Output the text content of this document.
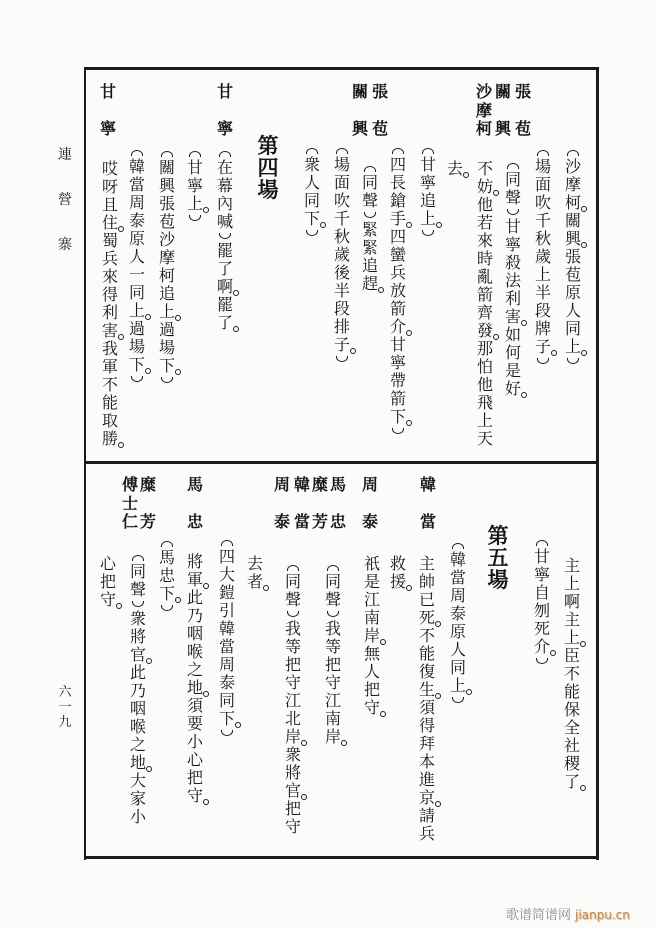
連
營
寨
六
一
九
沙
摩
柯
關
興
張
苞
原
人
同
上
場
面
吹
千
秋
歲
上
半
段
牌
子
張
苞
關
興
沙
摩
柯
同
聲
甘
寧
殺
法
利
害
如
何
是
好
不
妨
他
若
來
時
亂
箭
齊
發
那
怕
他
飛
上
天
去
甘
寧
追
上
四
長
鎗
手
四
蠻
兵
放
箭
介
甘
寧
帶
箭
下
張
苞
關
興
同
聲
緊
緊
追
趕
場
面
吹
千
秋
歲
後
半
段
排
子
衆
人
同
下
第
四
場
甘
寧
在
幕
內
喊
罷
了
啊
罷
了
甘
寧
上
關
興
張
苞
沙
摩
柯
追
上
過
場
下
韓
當
周
泰
原
人
一
同
上
過
場
下
甘
寧
哎
呀
且
住
蜀
兵
來
得
利
害
我
軍
不
能
取
勝
主
上
啊
主
上
臣
不
能
保
全
社
稷
了
甘
寧
自
刎
死
介
第
五
場
韓
當
周
泰
原
人
同
上
韓
當
主
帥
已
死
不
能
復
生
須
得
拜
本
進
京
請
兵
救
援
周
泰
祇
是
江
南
岸
無
人
把
守
馬
忠
糜
芳
同
聲
我
等
把
守
江
南
岸
韓
當
周
泰
同
聲
我
等
把
守
江
北
岸
衆
將
官
把
守
去
者
四
大
鎧
引
韓
當
周
泰
同
下
馬
忠
將
軍
此
乃
咽
喉
之
地
須
要
小
心
把
守
馬
忠
下
糜
芳
傅
士
仁
同
聲
衆
將
官
此
乃
咽
喉
之
地
大
家
小
心
把
守
歌谱简谱网 jianpu.cn
